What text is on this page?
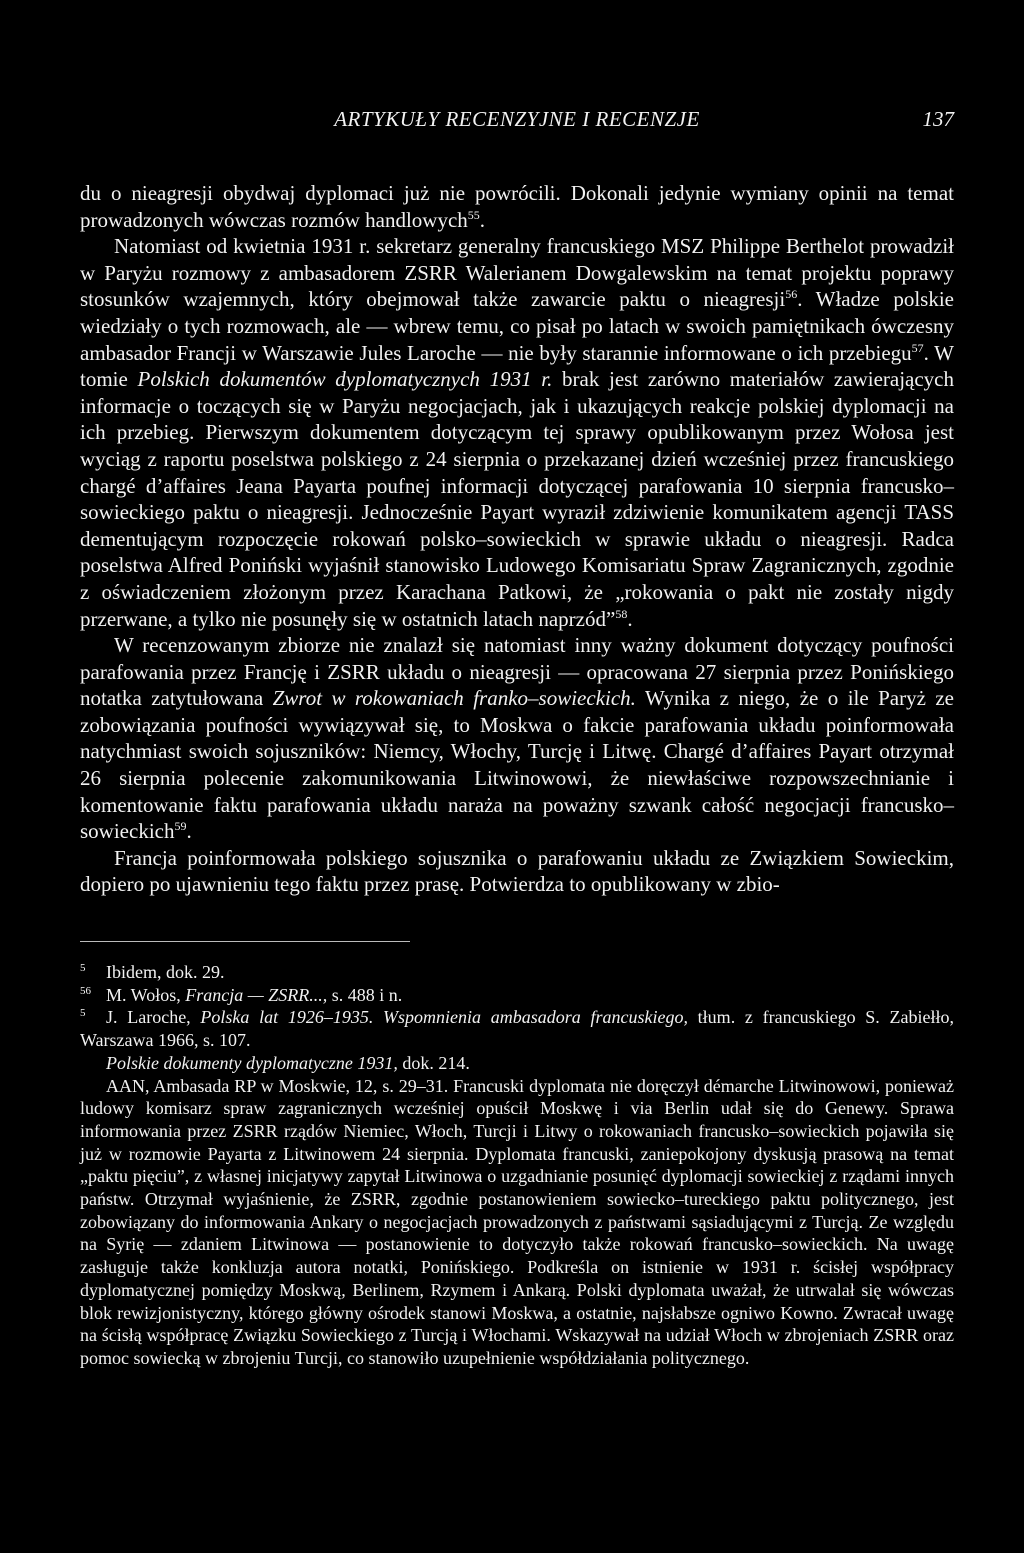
ARTYKUŁY RECENZYJNE I RECENZJE	137

du o nieagresji obydwaj dyplomaci już nie powrócili. Dokonali jedynie wymiany opinii na temat prowadzonych wówczas rozmów handlowych$^{55}$.

Natomiast od kwietnia 1931 r. sekretarz generalny francuskiego MSZ Philippe Berthelot prowadził w Paryżu rozmowy z ambasadorem ZSRR Walerianem Dowgalewskim na temat projektu poprawy stosunków wzajemnych, który obejmował także zawarcie paktu o nieagresji$^{56}$. Władze polskie wiedziały o tych rozmowach, ale — wbrew temu, co pisał po latach w swoich pamiętnikach ówczesny ambasador Francji w Warszawie Jules Laroche — nie były starannie informowane o ich przebiegu$^{57}$. W tomie Polskich dokumentów dyplomatycznych 1931 r. brak jest zarówno materiałów zawierających informacje o toczących się w Paryżu negocjacjach, jak i ukazujących reakcje polskiej dyplomacji na ich przebieg. Pierwszym dokumentem dotyczącym tej sprawy opublikowanym przez Wołosa jest wyciąg z raportu poselstwa polskiego z 24 sierpnia o przekazanej dzień wcześniej przez francuskiego chargé d’affaires Jeana Payarta poufnej informacji dotyczącej parafowania 10 sierpnia francusko–sowieckiego paktu o nieagresji. Jednocześnie Payart wyraził zdziwienie komunikatem agencji TASS dementującym rozpoczęcie rokowań polsko–sowieckich w sprawie układu o nieagresji. Radca poselstwa Alfred Poniński wyjaśnił stanowisko Ludowego Komisariatu Spraw Zagranicznych, zgodnie z oświadczeniem złożonym przez Karachana Patkowi, że „rokowania o pakt nie zostały nigdy przerwane, a tylko nie posunęły się w ostatnich latach naprzód”$^{58}$.

W recenzowanym zbiorze nie znalazł się natomiast inny ważny dokument dotyczący poufności parafowania przez Francję i ZSRR układu o nieagresji — opracowana 27 sierpnia przez Ponińskiego notatka zatytułowana Zwrot w rokowaniach franko–sowieckich. Wynika z niego, że o ile Paryż ze zobowiązania poufności wywiązywał się, to Moskwa o fakcie parafowania układu poinformowała natychmiast swoich sojuszników: Niemcy, Włochy, Turcję i Litwę. Chargé d’affaires Payart otrzymał 26 sierpnia polecenie zakomunikowania Litwinowowi, że niewłaściwe rozpowszechnianie i komentowanie faktu parafowania układu naraża na poważny szwank całość negocjacji francusko–sowieckich$^{59}$.

Francja poinformowała polskiego sojusznika o parafowaniu układu ze Związkiem Sowieckim, dopiero po ujawnieniu tego faktu przez prasę. Potwierdza to opublikowany w zbio-

5 Ibidem, dok. 29.

56 M. Wołos, Francja — ZSRR..., s. 488 i n.

5 J. Laroche, Polska lat 1926–1935. Wspomnienia ambasadora francuskiego, tłum. z francuskiego S. Zabiełło, Warszawa 1966, s. 107.

Polskie dokumenty dyplomatyczne 1931, dok. 214.

AAN, Ambasada RP w Moskwie, 12, s. 29–31. Francuski dyplomata nie doręczył démarche Litwinowowi, ponieważ ludowy komisarz spraw zagranicznych wcześniej opuścił Moskwę i via Berlin udał się do Genewy. Sprawa informowania przez ZSRR rządów Niemiec, Włoch, Turcji i Litwy o rokowaniach francusko–sowieckich pojawiła się już w rozmowie Payarta z Litwinowem 24 sierpnia. Dyplomata francuski, zaniepokojony dyskusją prasową na temat „paktu pięciu”, z własnej inicjatywy zapytał Litwinowa o uzgadnianie posunięć dyplomacji sowieckiej z rządami innych państw. Otrzymał wyjaśnienie, że ZSRR, zgodnie postanowieniem sowiecko–tureckiego paktu politycznego, jest zobowiązany do informowania Ankary o negocjacjach prowadzonych z państwami sąsiadującymi z Turcją. Ze względu na Syrię — zdaniem Litwinowa — postanowienie to dotyczyło także rokowań francusko–sowieckich. Na uwagę zasługuje także konkluzja autora notatki, Ponińskiego. Podkreśla on istnienie w 1931 r. ścisłej współpracy dyplomatycznej pomiędzy Moskwą, Berlinem, Rzymem i Ankarą. Polski dyplomata uważał, że utrwalał się wówczas blok rewizjonistyczny, którego główny ośrodek stanowi Moskwa, a ostatnie, najsłabsze ogniwo Kowno. Zwracał uwagę na ścisłą współpracę Związku Sowieckiego z Turcją i Włochami. Wskazywał na udział Włoch w zbrojeniach ZSRR oraz pomoc sowiecką w zbrojeniu Turcji, co stanowiło uzupełnienie współdziałania politycznego.
